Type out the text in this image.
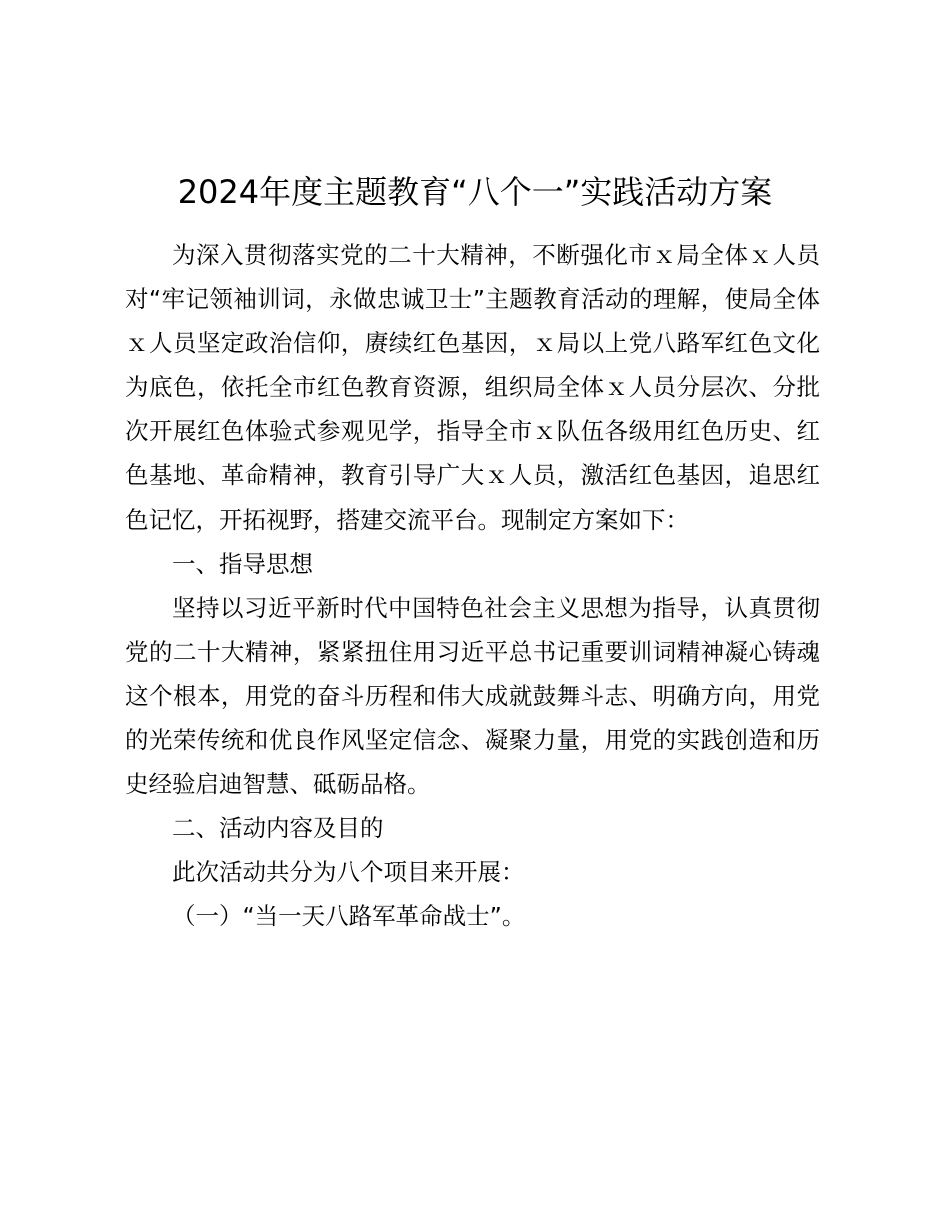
2024年度主题教育“八个一”实践活动方案

为深入贯彻落实党的二十大精神，不断强化市ｘ局全体ｘ人员对“牢记领袖训词，永做忠诚卫士”主题教育活动的理解，使局全体ｘ人员坚定政治信仰，赓续红色基因，ｘ局以上党八路军红色文化为底色，依托全市红色教育资源，组织局全体ｘ人员分层次、分批次开展红色体验式参观见学，指导全市ｘ队伍各级用红色历史、红色基地、革命精神，教育引导广大ｘ人员，激活红色基因，追思红色记忆，开拓视野，搭建交流平台。现制定方案如下：

一、指导思想

坚持以习近平新时代中国特色社会主义思想为指导，认真贯彻党的二十大精神，紧紧扭住用习近平总书记重要训词精神凝心铸魂这个根本，用党的奋斗历程和伟大成就鼓舞斗志、明确方向，用党的光荣传统和优良作风坚定信念、凝聚力量，用党的实践创造和历史经验启迪智慧、砥砺品格。

二、活动内容及目的

此次活动共分为八个项目来开展：

（一）“当一天八路军革命战士”。
